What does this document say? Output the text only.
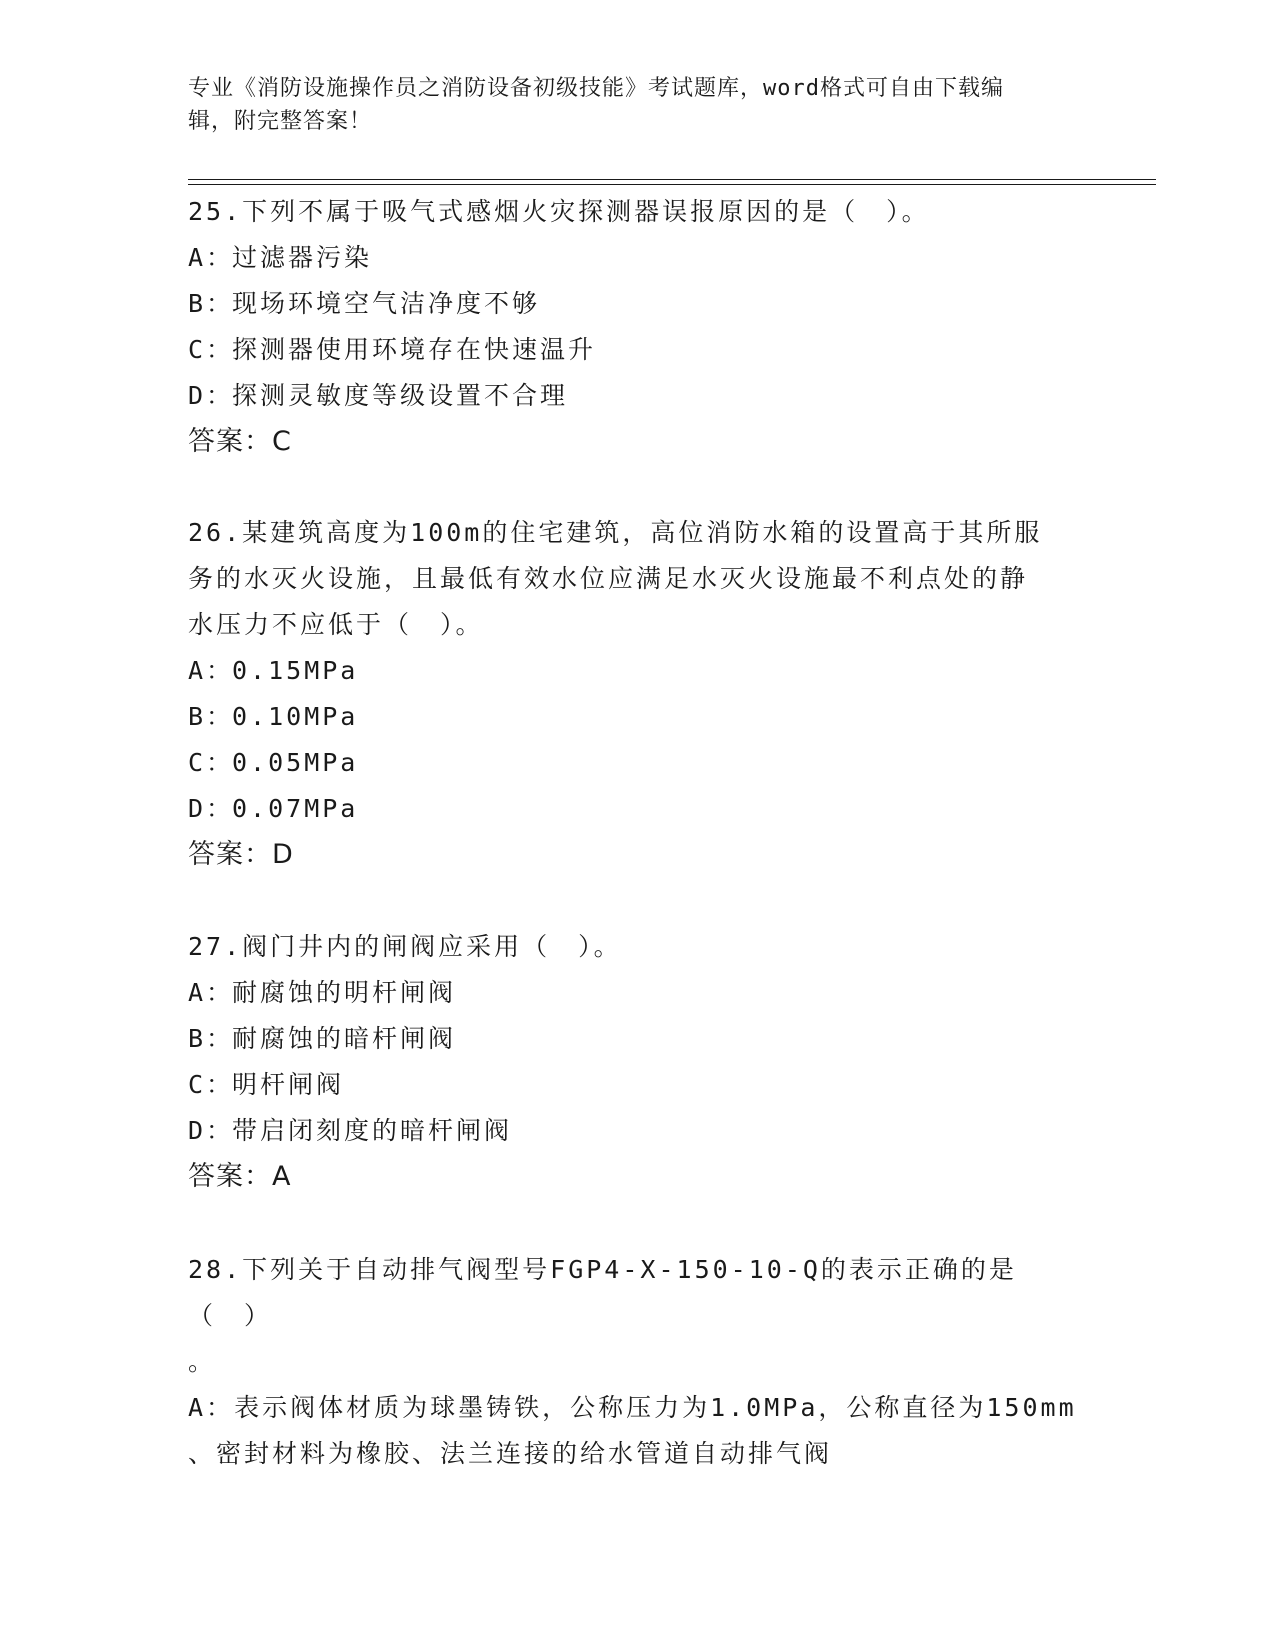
专业《消防设施操作员之消防设备初级技能》考试题库，word格式可自由下载编
辑，附完整答案！

25.下列不属于吸气式感烟火灾探测器误报原因的是（　）。

A：过滤器污染

B：现场环境空气洁净度不够

C：探测器使用环境存在快速温升

D：探测灵敏度等级设置不合理

答案：C

26.某建筑高度为100m的住宅建筑，高位消防水箱的设置高于其所服

务的水灭火设施，且最低有效水位应满足水灭火设施最不利点处的静

水压力不应低于（　）。

A：0.15MPa

B：0.10MPa

C：0.05MPa

D：0.07MPa

答案：D

27.阀门井内的闸阀应采用（　）。

A：耐腐蚀的明杆闸阀

B：耐腐蚀的暗杆闸阀

C：明杆闸阀

D：带启闭刻度的暗杆闸阀

答案：A

28.下列关于自动排气阀型号FGP4-X-150-10-Q的表示正确的是（　）

。

A：表示阀体材质为球墨铸铁，公称压力为1.0MPa，公称直径为150mm

、密封材料为橡胶、法兰连接的给水管道自动排气阀
